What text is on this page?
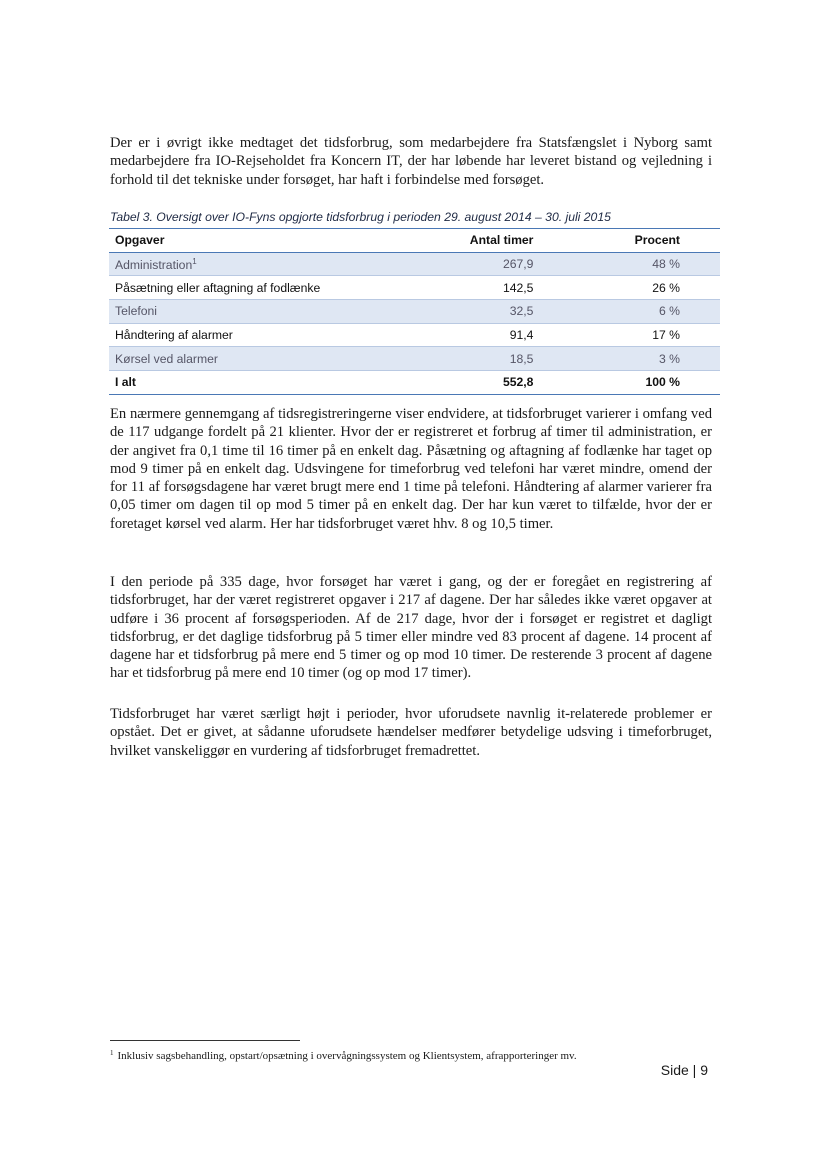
Der er i øvrigt ikke medtaget det tidsforbrug, som medarbejdere fra Statsfængslet i Nyborg samt medarbejdere fra IO-Rejseholdet fra Koncern IT, der har løbende har leveret bistand og vejledning i forhold til det tekniske under forsøget, har haft i forbindelse med forsøget.

Tabel 3. Oversigt over IO-Fyns opgjorte tidsforbrug i perioden 29. august 2014 – 30. juli 2015
Opgaver	Antal timer	Procent
Administration$^1$	267,9	48 %
Påsætning eller aftagning af fodlænke	142,5	26 %
Telefoni	32,5	6 %
Håndtering af alarmer	91,4	17 %
Kørsel ved alarmer	18,5	3 %
I alt	552,8	100 %

En nærmere gennemgang af tidsregistreringerne viser endvidere, at tidsforbruget varierer i omfang ved de 117 udgange fordelt på 21 klienter. Hvor der er registreret et forbrug af timer til administration, er der angivet fra 0,1 time til 16 timer på en enkelt dag. Påsætning og aftagning af fodlænke har taget op mod 9 timer på en enkelt dag. Udsvingene for timeforbrug ved telefoni har været mindre, omend der for 11 af forsøgsdagene har været brugt mere end 1 time på telefoni. Håndtering af alarmer varierer fra 0,05 timer om dagen til op mod 5 timer på en enkelt dag. Der har kun været to tilfælde, hvor der er foretaget kørsel ved alarm. Her har tidsforbruget været hhv. 8 og 10,5 timer.

I den periode på 335 dage, hvor forsøget har været i gang, og der er foregået en registrering af tidsforbruget, har der været registreret opgaver i 217 af dagene. Der har således ikke været opgaver at udføre i 36 procent af forsøgsperioden. Af de 217 dage, hvor der i forsøget er registret et dagligt tidsforbrug, er det daglige tidsforbrug på 5 timer eller mindre ved 83 procent af dagene. 14 procent af dagene har et tidsforbrug på mere end 5 timer og op mod 10 timer. De resterende 3 procent af dagene har et tidsforbrug på mere end 10 timer (og op mod 17 timer).

Tidsforbruget har været særligt højt i perioder, hvor uforudsete navnlig it-relaterede problemer er opstået. Det er givet, at sådanne uforudsete hændelser medfører betydelige udsving i timeforbruget, hvilket vanskeliggør en vurdering af tidsforbruget fremadrettet.

$^1$ Inklusiv sagsbehandling, opstart/opsætning i overvågningssystem og Klientsystem, afrapporteringer mv.
Side | 9
